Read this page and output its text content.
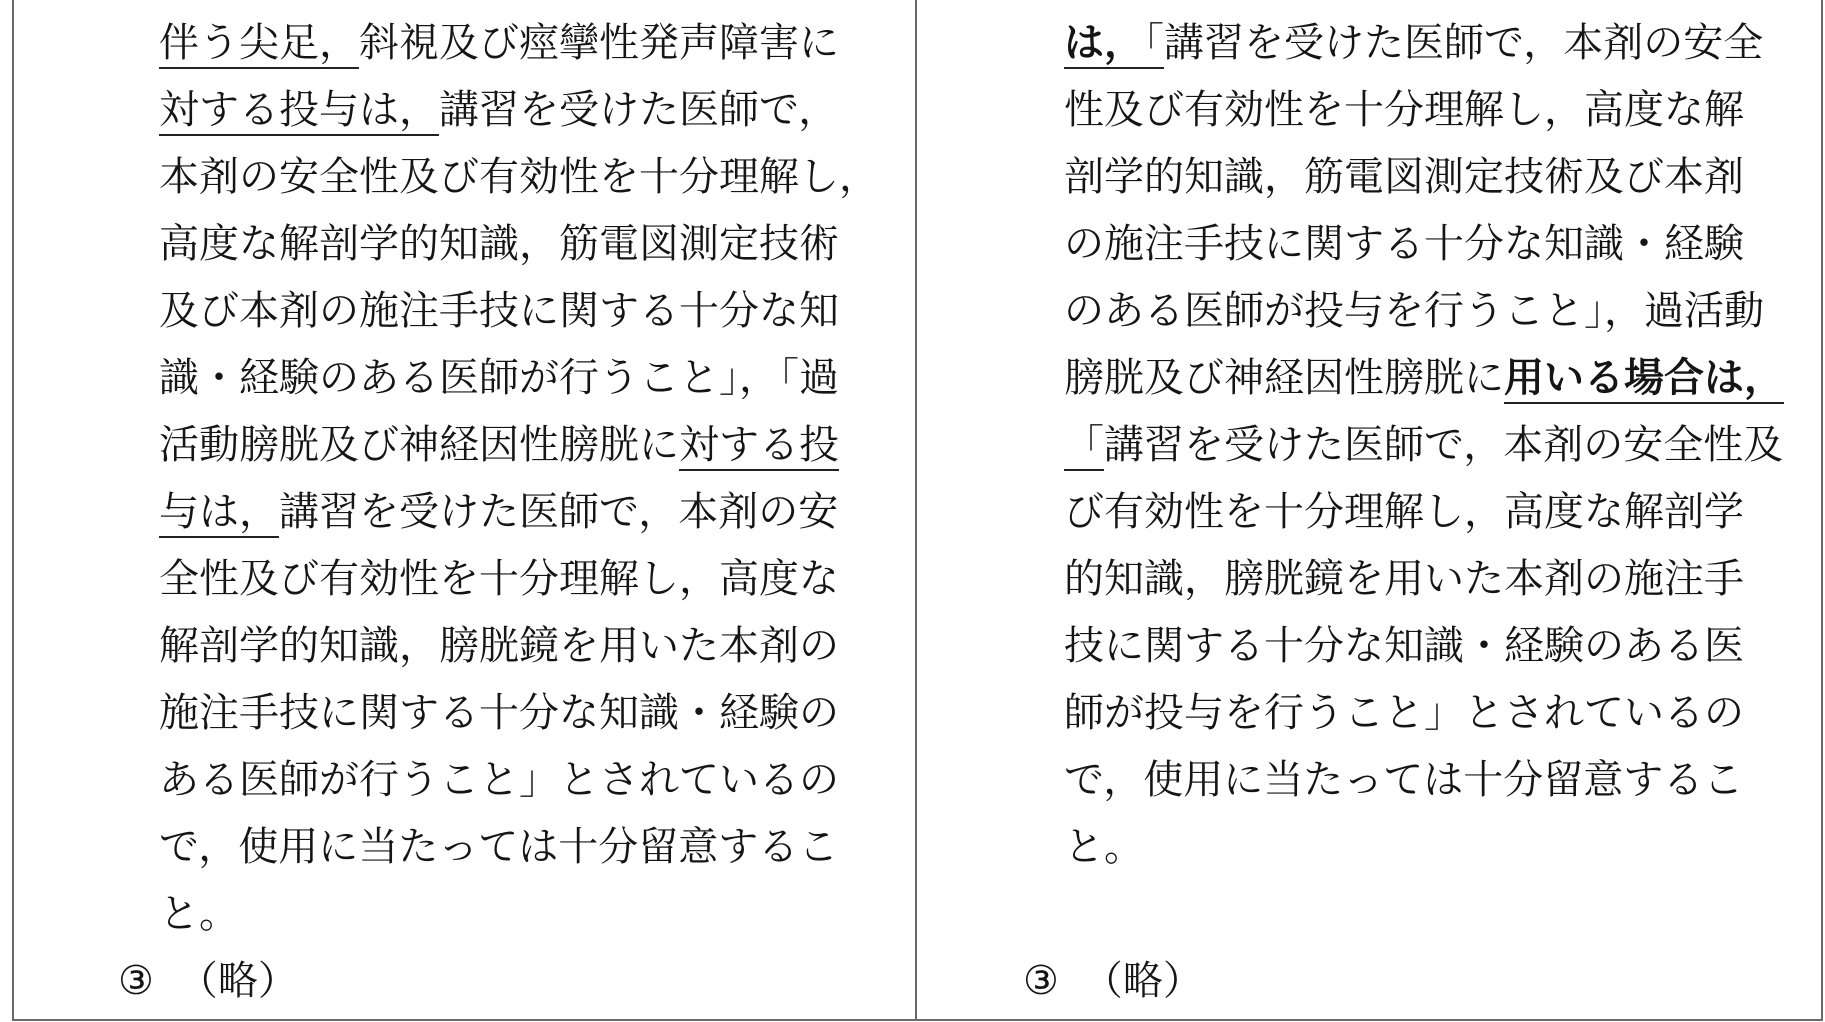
伴う尖足，斜視及び痙攣性発声障害に
対する投与は，講習を受けた医師で，
本剤の安全性及び有効性を十分理解し，
高度な解剖学的知識，筋電図測定技術
及び本剤の施注手技に関する十分な知
識・経験のある医師が行うこと」，「過
活動膀胱及び神経因性膀胱に対する投
与は，講習を受けた医師で，本剤の安
全性及び有効性を十分理解し，高度な
解剖学的知識，膀胱鏡を用いた本剤の
施注手技に関する十分な知識・経験の
ある医師が行うこと」とされているの
で，使用に当たっては十分留意するこ
と。
③ （略）
は，「講習を受けた医師で，本剤の安全
性及び有効性を十分理解し，高度な解
剖学的知識，筋電図測定技術及び本剤
の施注手技に関する十分な知識・経験
のある医師が投与を行うこと」，過活動
膀胱及び神経因性膀胱に用いる場合は，
「講習を受けた医師で，本剤の安全性及
び有効性を十分理解し，高度な解剖学
的知識，膀胱鏡を用いた本剤の施注手
技に関する十分な知識・経験のある医
師が投与を行うこと」とされているの
で，使用に当たっては十分留意するこ
と。
③ （略）
